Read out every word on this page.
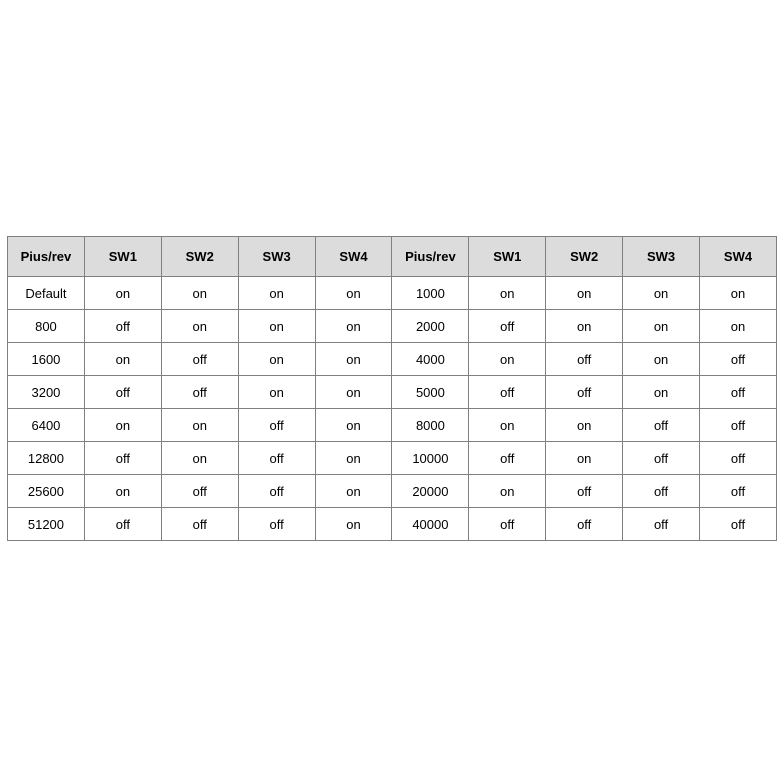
Pius/rev	SW1	SW2	SW3	SW4	Pius/rev	SW1	SW2	SW3	SW4
Default	on	on	on	on	1000	on	on	on	on
800	off	on	on	on	2000	off	on	on	on
1600	on	off	on	on	4000	on	off	on	off
3200	off	off	on	on	5000	off	off	on	off
6400	on	on	off	on	8000	on	on	off	off
12800	off	on	off	on	10000	off	on	off	off
25600	on	off	off	on	20000	on	off	off	off
51200	off	off	off	on	40000	off	off	off	off
